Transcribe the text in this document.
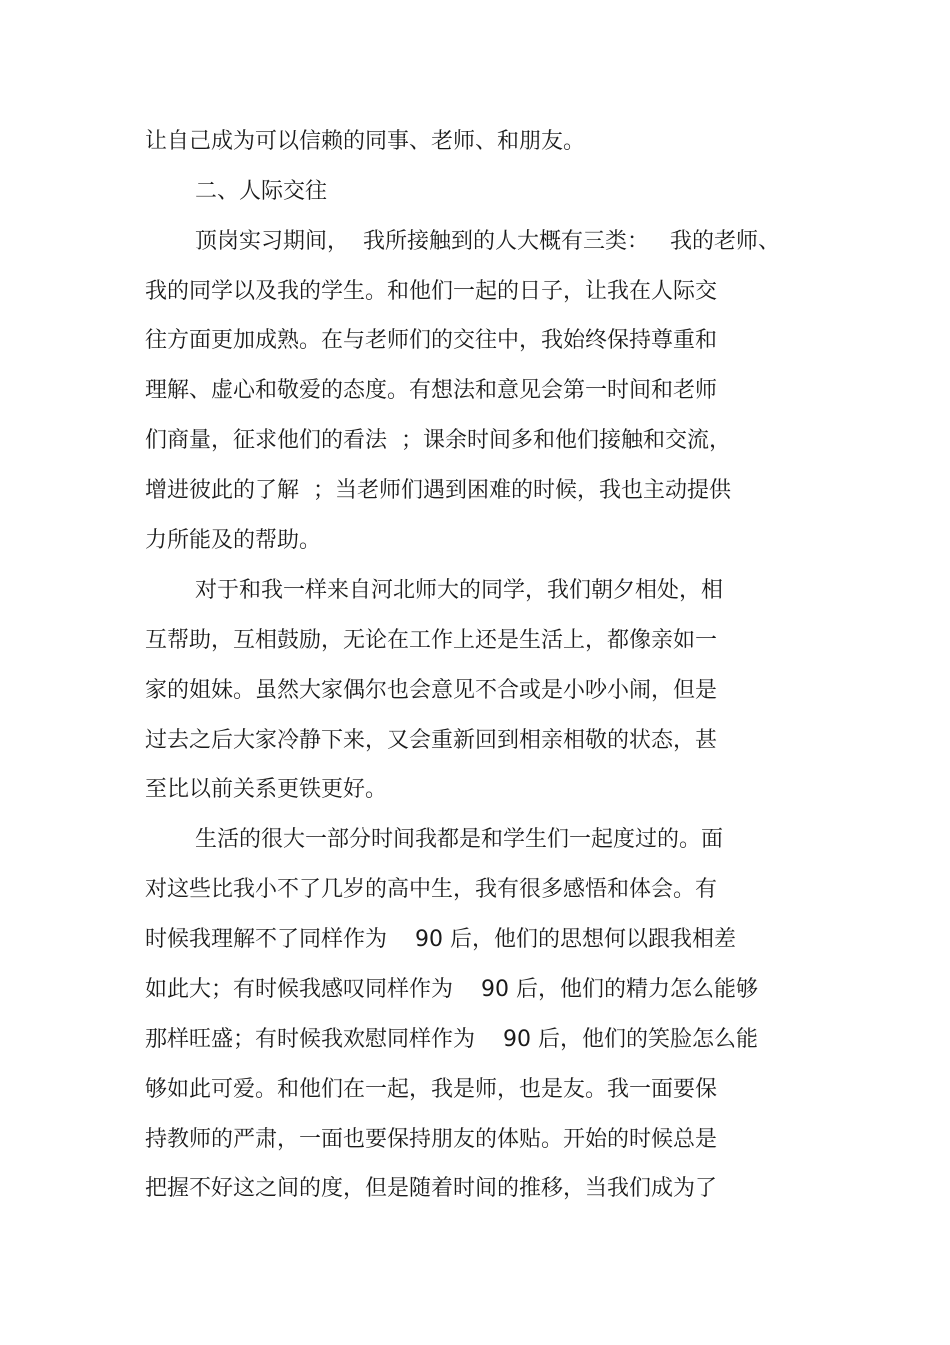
让自己成为可以信赖的同事、老师、和朋友。
二、人际交往
顶岗实习期间，  我所接触到的人大概有三类：   我的老师、
我的同学以及我的学生。和他们一起的日子，让我在人际交
往方面更加成熟。在与老师们的交往中，我始终保持尊重和
理解、虚心和敬爱的态度。有想法和意见会第一时间和老师
们商量，征求他们的看法  ；课余时间多和他们接触和交流，
增进彼此的了解  ；当老师们遇到困难的时候，我也主动提供
力所能及的帮助。
对于和我一样来自河北师大的同学，我们朝夕相处，相
互帮助，互相鼓励，无论在工作上还是生活上，都像亲如一
家的姐妹。虽然大家偶尔也会意见不合或是小吵小闹，但是
过去之后大家冷静下来，又会重新回到相亲相敬的状态，甚
至比以前关系更铁更好。
生活的很大一部分时间我都是和学生们一起度过的。面
对这些比我小不了几岁的高中生，我有很多感悟和体会。有
时候我理解不了同样作为    90 后，他们的思想何以跟我相差
如此大；有时候我感叹同样作为    90 后，他们的精力怎么能够
那样旺盛；有时候我欢慰同样作为    90 后，他们的笑脸怎么能
够如此可爱。和他们在一起，我是师，也是友。我一面要保
持教师的严肃，一面也要保持朋友的体贴。开始的时候总是
把握不好这之间的度，但是随着时间的推移，当我们成为了
